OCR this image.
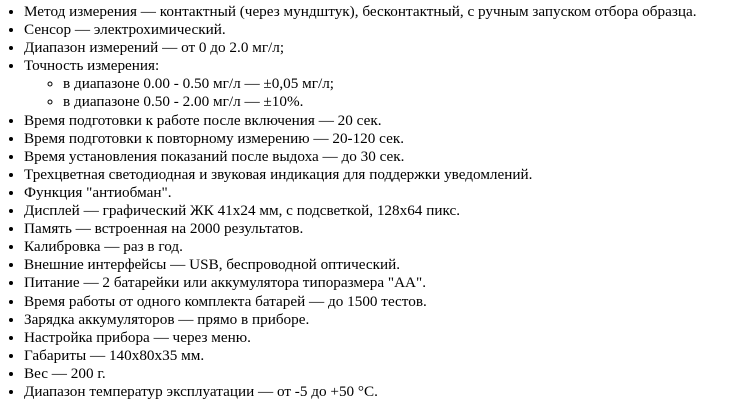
• Метод измерения — контактный (через мундштук), бесконтактный, с ручным запуском отбора образца.
• Сенсор — электрохимический.
• Диапазон измерений — от 0 до 2.0 мг/л;
• Точность измерения:
◦ в диапазоне 0.00 - 0.50 мг/л — ±0,05 мг/л;
◦ в диапазоне 0.50 - 2.00 мг/л — ±10%.
• Время подготовки к работе после включения — 20 сек.
• Время подготовки к повторному измерению — 20-120 сек.
• Время установления показаний после выдоха — до 30 сек.
• Трехцветная светодиодная и звуковая индикация для поддержки уведомлений.
• Функция "антиобман".
• Дисплей — графический ЖК 41х24 мм, с подсветкой, 128х64 пикс.
• Память — встроенная на 2000 результатов.
• Калибровка — раз в год.
• Внешние интерфейсы — USB, беспроводной оптический.
• Питание — 2 батарейки или аккумулятора типоразмера "АА".
• Время работы от одного комплекта батарей — до 1500 тестов.
• Зарядка аккумуляторов — прямо в приборе.
• Настройка прибора — через меню.
• Габариты — 140х80х35 мм.
• Вес — 200 г.
• Диапазон температур эксплуатации — от -5 до +50 °С.
